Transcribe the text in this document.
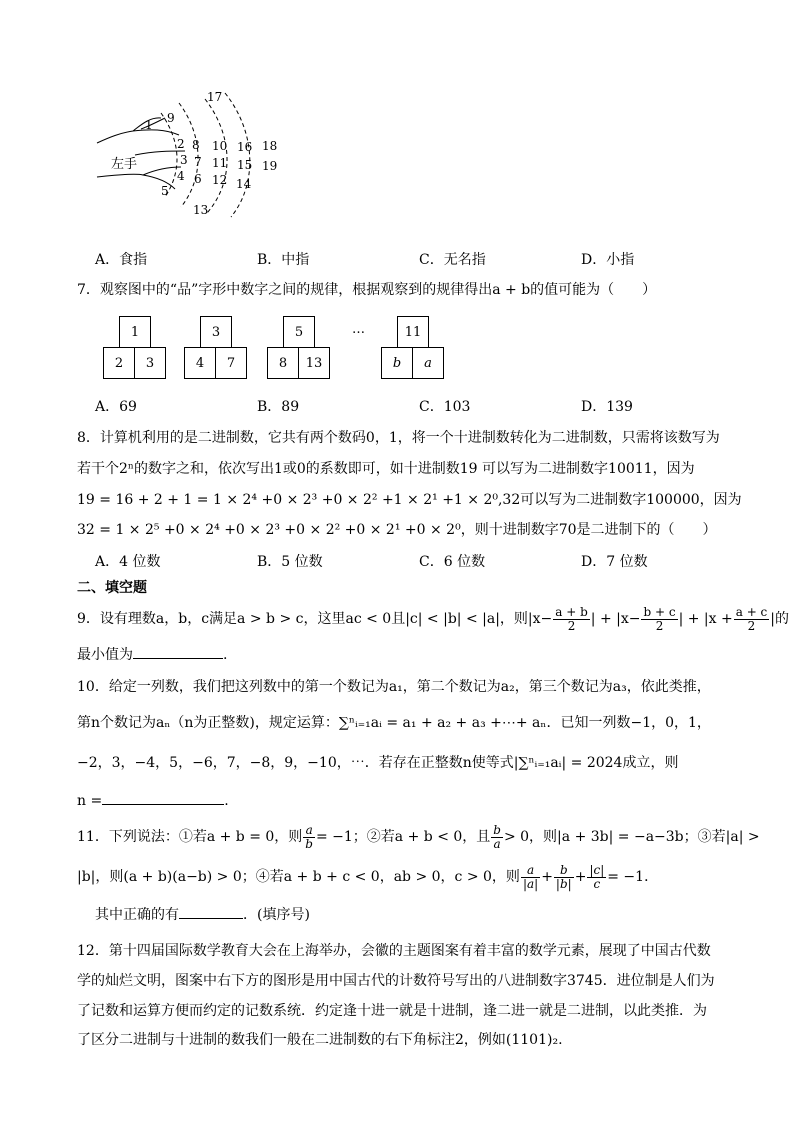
左手
1
2
3
4
5
6
7
8
9
10
11
12
13
14
15
16
17
18
19
A．食指	B．中指	C．无名指	D．小指
7．观察图中的“品”字形中数字之间的规律，根据观察到的规律得出a + b的值可能为（　　）
1
2	3
3
4	7
5
8	13
…	11
b	a
A．69	B．89	C．103	D．139
8．计算机利用的是二进制数，它共有两个数码0，1，将一个十进制数转化为二进制数，只需将该数写为
若干个2ⁿ的数字之和，依次写出1或0的系数即可，如十进制数19 可以写为二进制数字10011，因为
19 = 16 + 2 + 1 = 1 × 2⁴ +0 × 2³ +0 × 2² +1 × 2¹ +1 × 2⁰,32可以写为二进制数字100000，因为
32 = 1 × 2⁵ +0 × 2⁴ +0 × 2³ +0 × 2² +0 × 2¹ +0 × 2⁰，则十进制数字70是二进制下的（　　）
A．4 位数	B．5 位数	C．6 位数	D．7 位数
二、填空题
9．设有理数a，b，c满足a > b > c，这里ac < 0且|c| < |b| < |a|，则$|x- \frac{a + b}{2}$ | + $|x- \frac{b + c}{2}$ | + $|x + \frac{a + c}{2}$ |的
最小值为	.
10．给定一列数，我们把这列数中的第一个数记为a₁，第二个数记为a₂，第三个数记为a₃，依此类推，
第n个数记为aₙ（n为正整数)，规定运算：∑ⁿᵢ₌₁aᵢ = a₁ + a₂ + a₃ +⋯+ aₙ．已知一列数−1，0，1，
−2，3，−4，5，−6，7，−8，9，−10，⋯．若存在正整数n使等式|∑ⁿᵢ₌₁aᵢ| = 2024成立，则
n =	.
11．下列说法：①若a + b = 0，则 $\frac{a}{b} = -1$；②若a + b < 0，且 $\frac{b}{a} > 0$，则|a + 3b| = −a−3b；③若|a| >
|b|，则(a + b)(a−b) > 0；④若a + b + c < 0，ab > 0，c > 0，则 $\frac{a}{|a|} + \frac{b}{|b|} + \frac{|c|}{c} = -1$．
其中正确的有	．(填序号)
12．第十四届国际数学教育大会在上海举办，会徽的主题图案有着丰富的数学元素，展现了中国古代数
学的灿烂文明，图案中右下方的图形是用中国古代的计数符号写出的八进制数字3745．进位制是人们为
了记数和运算方便而约定的记数系统．约定逢十进一就是十进制，逢二进一就是二进制，以此类推．为
了区分二进制与十进制的数我们一般在二进制数的右下角标注2，例如(1101)₂.
